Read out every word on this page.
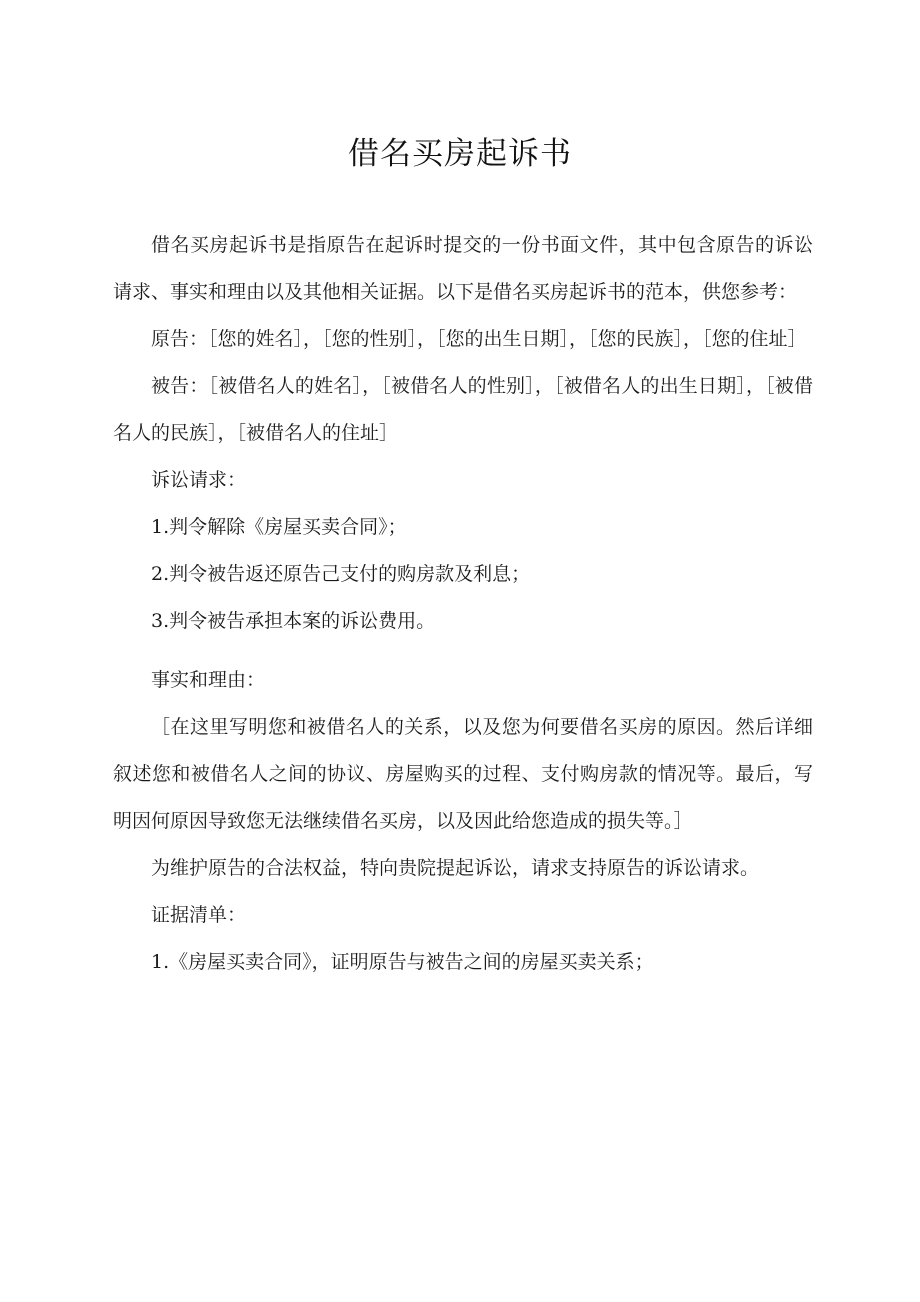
借名买房起诉书

借名买房起诉书是指原告在起诉时提交的一份书面文件，其中包含原告的诉讼请求、事实和理由以及其他相关证据。以下是借名买房起诉书的范本，供您参考：

原告：［您的姓名］，［您的性别］，［您的出生日期］，［您的民族］，［您的住址］

被告：［被借名人的姓名］，［被借名人的性别］，［被借名人的出生日期］，［被借名人的民族］，［被借名人的住址］

诉讼请求：

1.判令解除《房屋买卖合同》；

2.判令被告返还原告己支付的购房款及利息；

3.判令被告承担本案的诉讼费用。

事实和理由：

［在这里写明您和被借名人的关系，以及您为何要借名买房的原因。然后详细叙述您和被借名人之间的协议、房屋购买的过程、支付购房款的情况等。最后，写明因何原因导致您无法继续借名买房，以及因此给您造成的损失等。］

为维护原告的合法权益，特向贵院提起诉讼，请求支持原告的诉讼请求。

证据清单：

1.《房屋买卖合同》，证明原告与被告之间的房屋买卖关系；
